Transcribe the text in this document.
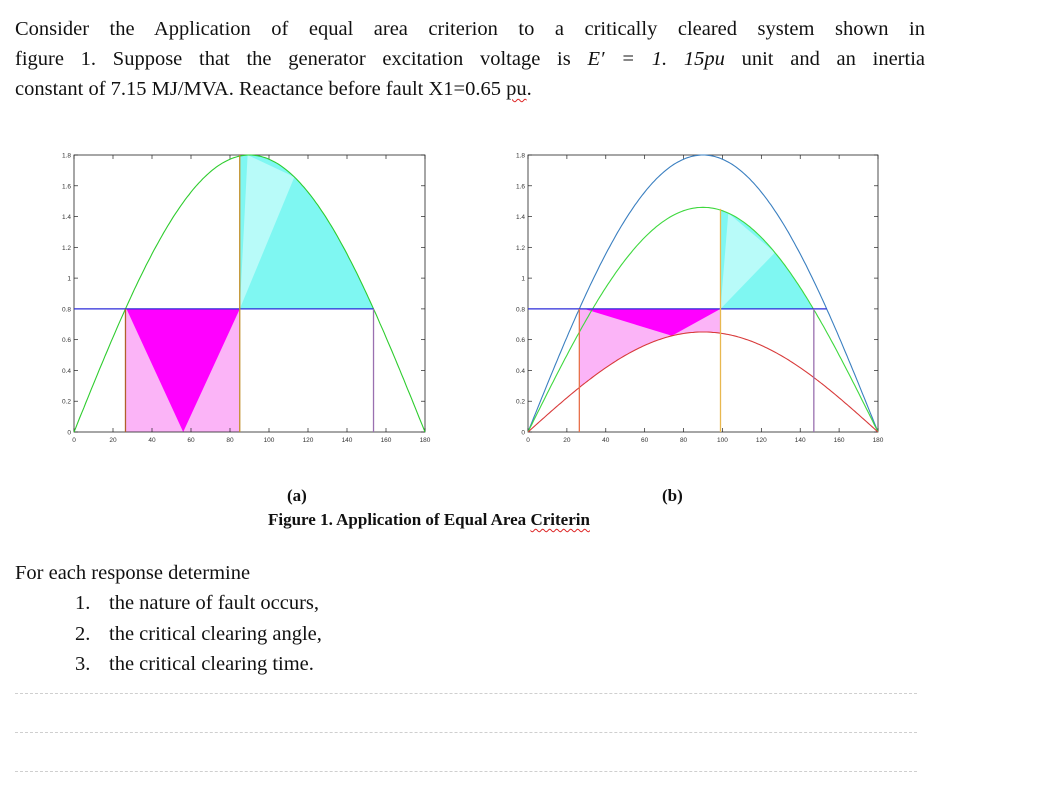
Consider the Application of equal area criterion to a critically cleared system shown in
figure 1. Suppose that the generator excitation voltage is E′ = 1. 15pu unit and an inertia
constant of 7.15 MJ/MVA. Reactance before fault X1=0.65 pu.
0
0.2
0.4
0.6
0.8
1
1.2
1.4
1.6
1.8
0	20	40	60	80	100	120	140	160	180
0
0.2
0.4
0.6
0.8
1
1.2
1.4
1.6
1.8
0	20	40	60	80	100	120	140	160	180
(a)	(b)
Figure 1. Application of Equal Area Criterin
For each response determine
1. the nature of fault occurs,
2. the critical clearing angle,
3. the critical clearing time.
